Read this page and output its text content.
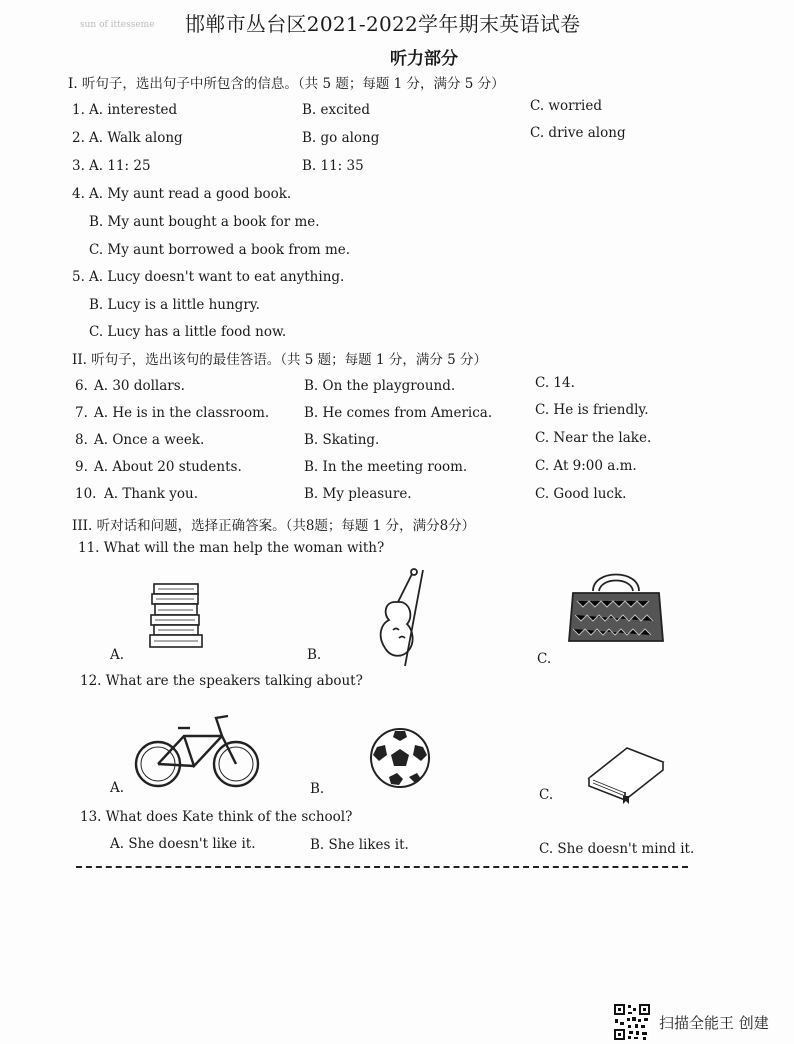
sun of ittesseme 邯郸市丛台区2021-2022学年期末英语试卷
听力部分
I. 听句子，选出句子中所包含的信息。（共 5 题；每题 1 分，满分 5 分）
1. A. interested	B. excited	C. worried
2. A. Walk along	B. go along	C. drive along
3. A. 11: 25	B. 11: 35
4. A. My aunt read a good book.
B. My aunt bought a book for me.
C. My aunt borrowed a book from me.
5. A. Lucy doesn't want to eat anything.
B. Lucy is a little hungry.
C. Lucy has a little food now.
II. 听句子，选出该句的最佳答语。（共 5 题；每题 1 分，满分 5 分）
6. A. 30 dollars.	B. On the playground.	C. 14.
7. A. He is in the classroom.	B. He comes from America.	C. He is friendly.
8. A. Once a week.	B. Skating.	C. Near the lake.
9. A. About 20 students.	B. In the meeting room.	C. At 9:00 a.m.
10. A. Thank you.	B. My pleasure.	C. Good luck.
III. 听对话和问题，选择正确答案。（共8题；每题 1 分，满分8分）
11. What will the man help the woman with?
A.	B.	C.
12. What are the speakers talking about?
A.	B.	C.
13. What does Kate think of the school?
A. She doesn't like it.	B. She likes it.	C. She doesn't mind it.
扫描全能王 创建
